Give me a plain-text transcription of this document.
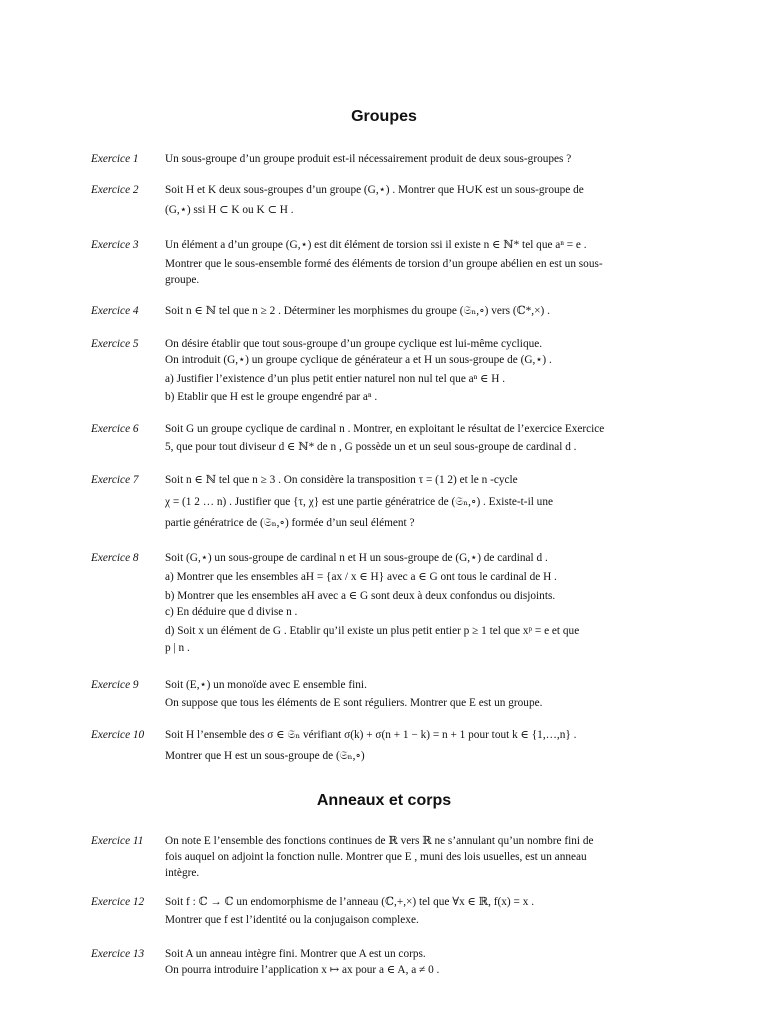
Groupes
Exercice 1	Un sous-groupe d’un groupe produit est-il nécessairement produit de deux sous-groupes ?
Exercice 2	Soit H et K deux sous-groupes d’un groupe (G,⋆) . Montrer que H∪K est un sous-groupe de
(G,⋆) ssi H ⊂ K ou K ⊂ H .
Exercice 3	Un élément a d’un groupe (G,⋆) est dit élément de torsion ssi il existe n ∈ ℕ* tel que aⁿ = e .
Montrer que le sous-ensemble formé des éléments de torsion d’un groupe abélien en est un sous-
groupe.
Exercice 4	Soit n ∈ ℕ tel que n ≥ 2 . Déterminer les morphismes du groupe (𝔖ₙ,∘) vers (ℂ*,×) .
Exercice 5	On désire établir que tout sous-groupe d’un groupe cyclique est lui-même cyclique.
On introduit (G,⋆) un groupe cyclique de générateur a et H un sous-groupe de (G,⋆) .
a) Justifier l’existence d’un plus petit entier naturel non nul tel que aⁿ ∈ H .
b) Etablir que H est le groupe engendré par aⁿ .
Exercice 6	Soit G un groupe cyclique de cardinal n . Montrer, en exploitant le résultat de l’exercice Exercice
5, que pour tout diviseur d ∈ ℕ* de n , G possède un et un seul sous-groupe de cardinal d .
Exercice 7	Soit n ∈ ℕ tel que n ≥ 3 . On considère la transposition τ = (1 2) et le n -cycle
χ = (1 2 … n) . Justifier que {τ, χ} est une partie génératrice de (𝔖ₙ,∘) . Existe-t-il une
partie génératrice de (𝔖ₙ,∘) formée d’un seul élément ?
Exercice 8	Soit (G,⋆) un sous-groupe de cardinal n et H un sous-groupe de (G,⋆) de cardinal d .
a) Montrer que les ensembles aH = {ax / x ∈ H} avec a ∈ G ont tous le cardinal de H .
b) Montrer que les ensembles aH avec a ∈ G sont deux à deux confondus ou disjoints.
c) En déduire que d divise n .
d) Soit x un élément de G . Etablir qu’il existe un plus petit entier p ≥ 1 tel que xᵖ = e et que
p | n .
Exercice 9	Soit (E,⋆) un monoïde avec E ensemble fini.
On suppose que tous les éléments de E sont réguliers. Montrer que E est un groupe.
Exercice 10	Soit H l’ensemble des σ ∈ 𝔖ₙ vérifiant σ(k) + σ(n + 1 − k) = n + 1 pour tout k ∈ {1,…,n} .
Montrer que H est un sous-groupe de (𝔖ₙ,∘)
Anneaux et corps
Exercice 11	On note E l’ensemble des fonctions continues de ℝ vers ℝ ne s’annulant qu’un nombre fini de
fois auquel on adjoint la fonction nulle. Montrer que E , muni des lois usuelles, est un anneau
intègre.
Exercice 12	Soit f : ℂ → ℂ un endomorphisme de l’anneau (ℂ,+,×) tel que ∀x ∈ ℝ, f(x) = x .
Montrer que f est l’identité ou la conjugaison complexe.
Exercice 13	Soit A un anneau intègre fini. Montrer que A est un corps.
On pourra introduire l’application x ↦ ax pour a ∈ A, a ≠ 0 .
